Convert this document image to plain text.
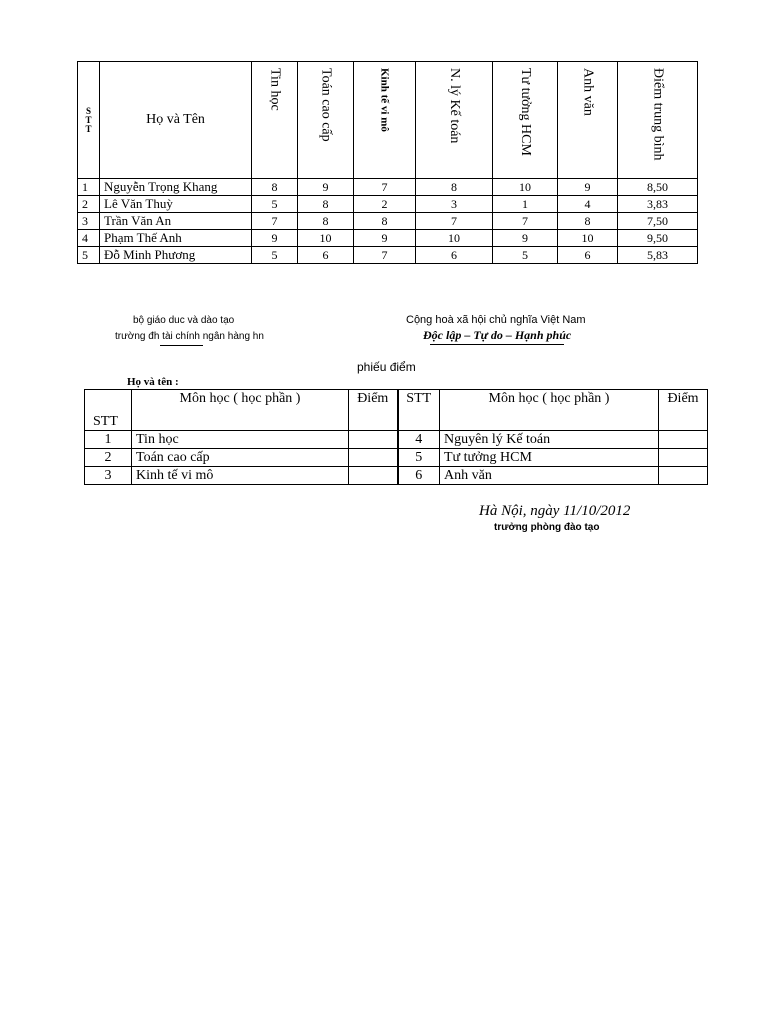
S
T
T	Họ và Tên	Tin học	Toán cao cấp	Kinh tế vi mô	N. lý Kế toán	Tư tưởng HCM	Anh văn	Điểm trung bình

1	Nguyễn Trọng Khang	8	9	7	8	10	9	8,50
2	Lê Văn Thuỳ	5	8	2	3	1	4	3,83
3	Trần Văn An	7	8	8	7	7	8	7,50
4	Phạm Thế Anh	9	10	9	10	9	10	9,50
5	Đỗ Minh Phương	5	6	7	6	5	6	5,83
bộ giáo duc và dào tạo
trường đh tài chính ngân hàng hn
Cộng hoà xã hội chủ nghĩa Việt Nam
Độc lập – Tự do – Hạnh phúc
phiếu điểm
Họ và tên :
STT	Môn học ( học phần )	Điểm	STT	Môn học ( học phần )	Điểm
1	Tin học		4	Nguyên lý Kế toán	
2	Toán cao cấp		5	Tư tưởng HCM	
3	Kinh tế vi mô		6	Anh văn	
Hà Nội, ngày 11/10/2012
trưởng phòng đào tạo
